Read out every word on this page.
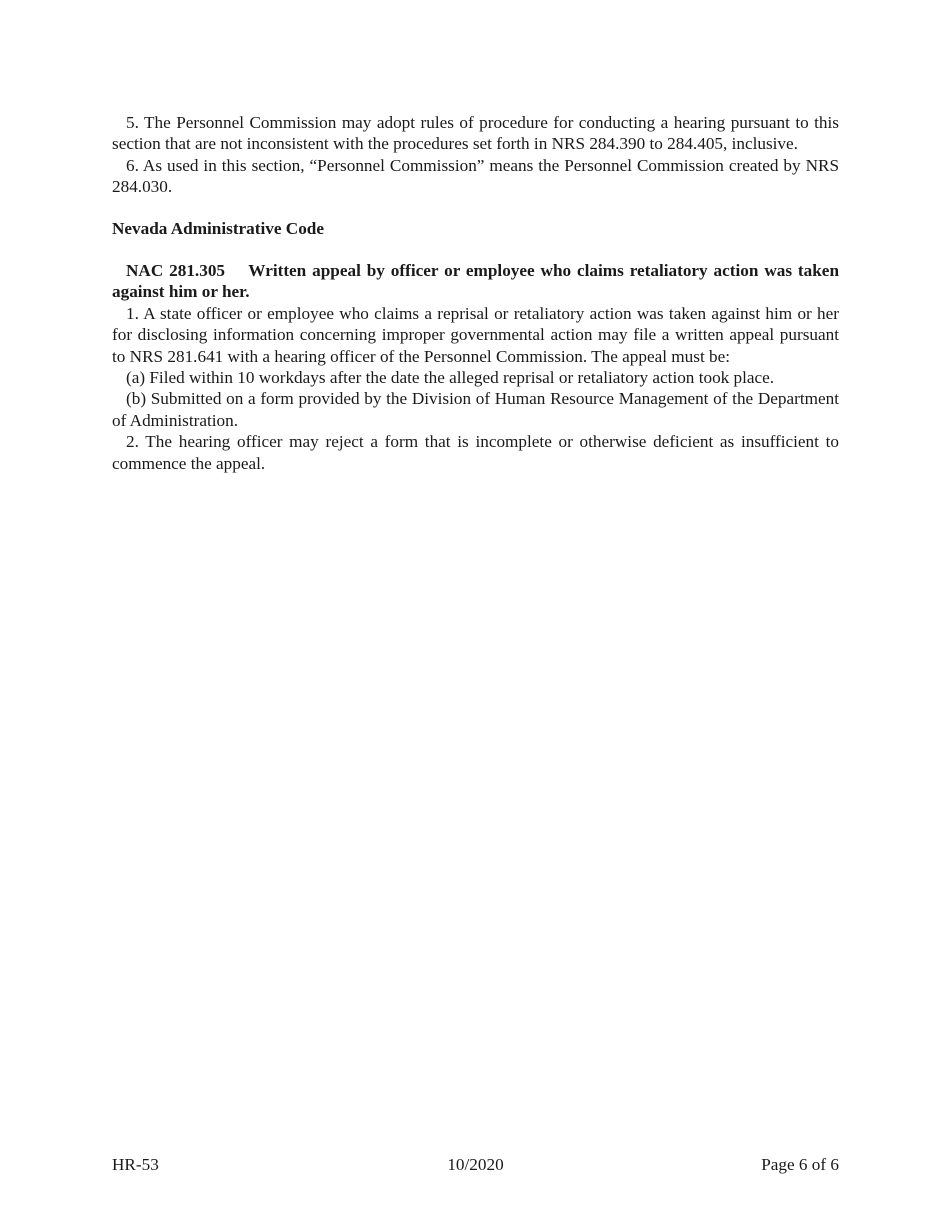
5. The Personnel Commission may adopt rules of procedure for conducting a hearing pursuant to this section that are not inconsistent with the procedures set forth in NRS 284.390 to 284.405, inclusive.

6. As used in this section, “Personnel Commission” means the Personnel Commission created by NRS 284.030.

Nevada Administrative Code

NAC 281.305    Written appeal by officer or employee who claims retaliatory action was taken against him or her.

1. A state officer or employee who claims a reprisal or retaliatory action was taken against him or her for disclosing information concerning improper governmental action may file a written appeal pursuant to NRS 281.641 with a hearing officer of the Personnel Commission. The appeal must be:

(a) Filed within 10 workdays after the date the alleged reprisal or retaliatory action took place.

(b) Submitted on a form provided by the Division of Human Resource Management of the Department of Administration.

2. The hearing officer may reject a form that is incomplete or otherwise deficient as insufficient to commence the appeal.

HR-53	10/2020	Page 6 of 6
